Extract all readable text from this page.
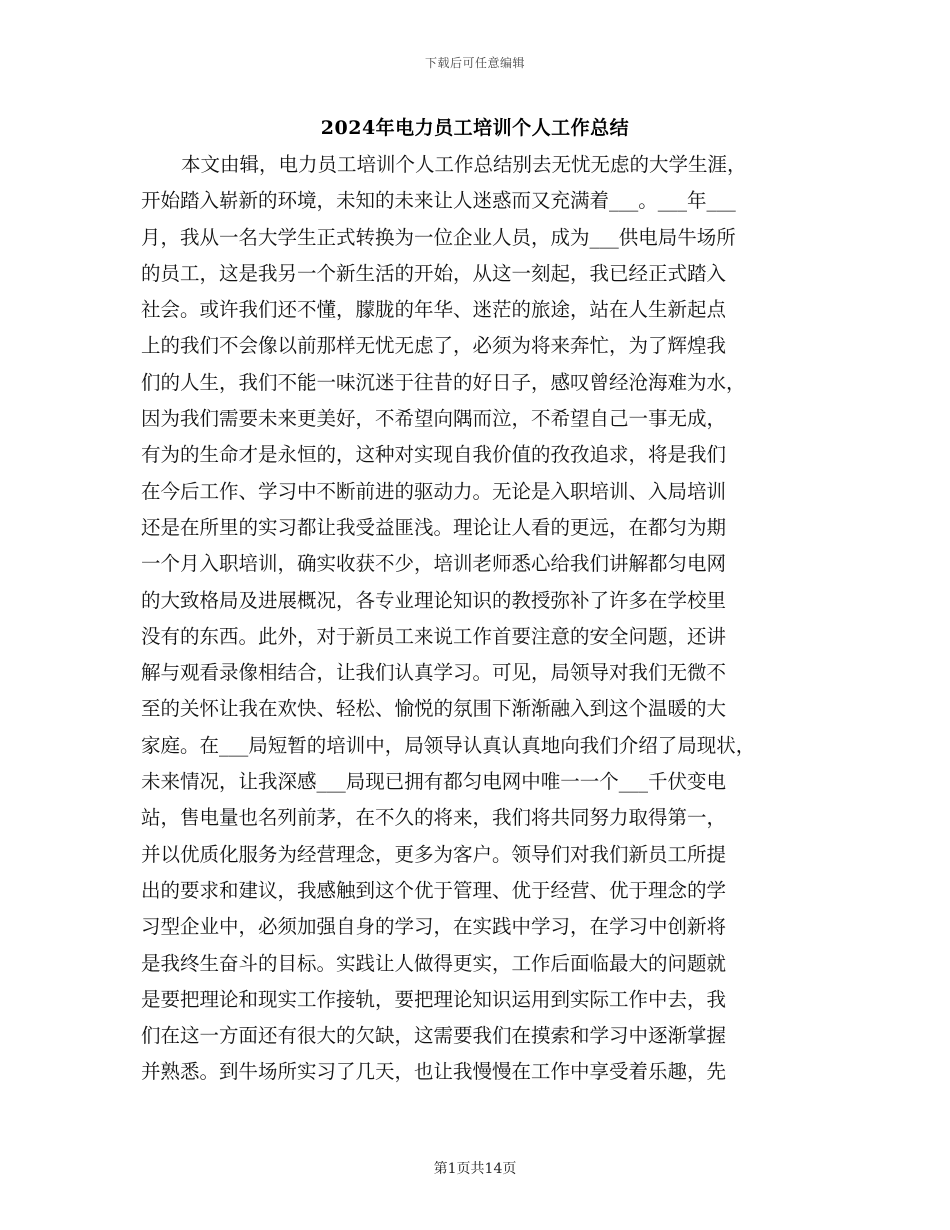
下载后可任意编辑
2024年电力员工培训个人工作总结
本文由辑，电力员工培训个人工作总结别去无忧无虑的大学生涯，
开始踏入崭新的环境，未知的未来让人迷惑而又充满着___。___年___
月，我从一名大学生正式转换为一位企业人员，成为___供电局牛场所
的员工，这是我另一个新生活的开始，从这一刻起，我已经正式踏入
社会。或许我们还不懂，朦胧的年华、迷茫的旅途，站在人生新起点
上的我们不会像以前那样无忧无虑了，必须为将来奔忙，为了辉煌我
们的人生，我们不能一味沉迷于往昔的好日子，感叹曾经沧海难为水，
因为我们需要未来更美好，不希望向隅而泣，不希望自己一事无成，
有为的生命才是永恒的，这种对实现自我价值的孜孜追求，将是我们
在今后工作、学习中不断前进的驱动力。无论是入职培训、入局培训
还是在所里的实习都让我受益匪浅。理论让人看的更远，在都匀为期
一个月入职培训，确实收获不少，培训老师悉心给我们讲解都匀电网
的大致格局及进展概况，各专业理论知识的教授弥补了许多在学校里
没有的东西。此外，对于新员工来说工作首要注意的安全问题，还讲
解与观看录像相结合，让我们认真学习。可见，局领导对我们无微不
至的关怀让我在欢快、轻松、愉悦的氛围下渐渐融入到这个温暖的大
家庭。在___局短暂的培训中，局领导认真认真地向我们介绍了局现状，
未来情况，让我深感___局现已拥有都匀电网中唯一一个___千伏变电
站，售电量也名列前茅，在不久的将来，我们将共同努力取得第一，
并以优质化服务为经营理念，更多为客户。领导们对我们新员工所提
出的要求和建议，我感触到这个优于管理、优于经营、优于理念的学
习型企业中，必须加强自身的学习，在实践中学习，在学习中创新将
是我终生奋斗的目标。实践让人做得更实，工作后面临最大的问题就
是要把理论和现实工作接轨，要把理论知识运用到实际工作中去，我
们在这一方面还有很大的欠缺，这需要我们在摸索和学习中逐渐掌握
并熟悉。到牛场所实习了几天，也让我慢慢在工作中享受着乐趣，先
第1页共14页
